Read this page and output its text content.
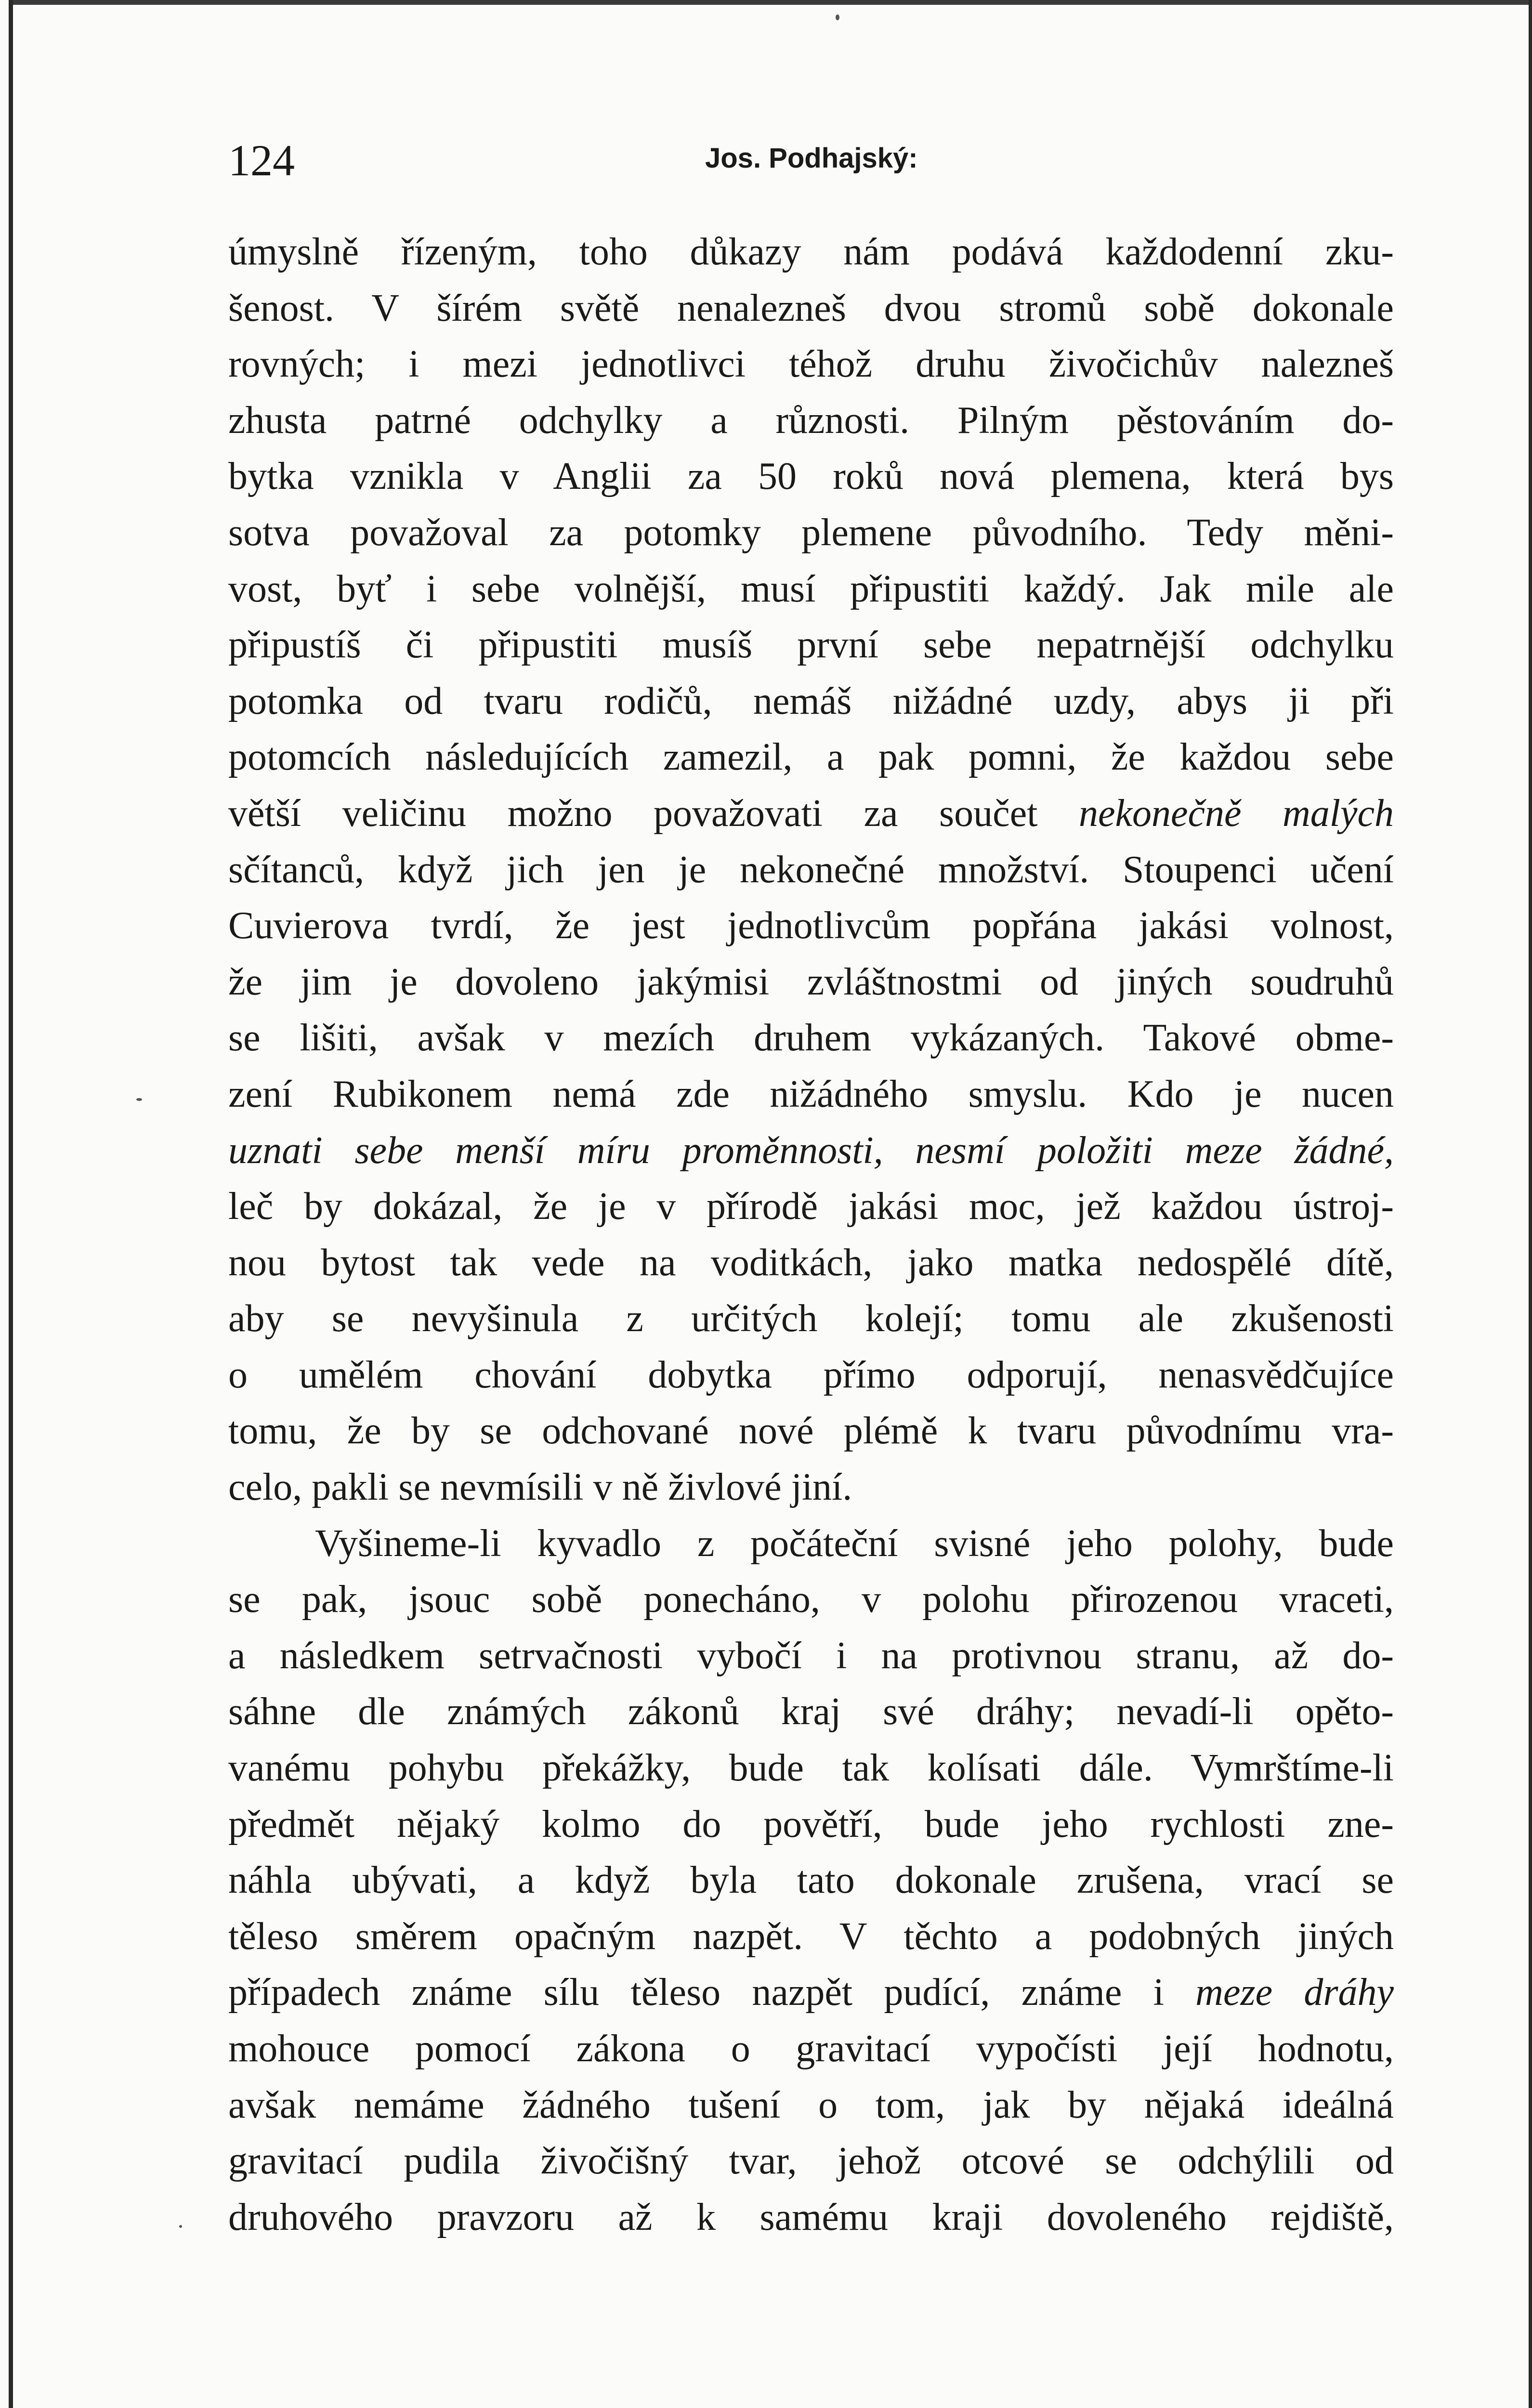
124	Jos. Podhajský:
úmyslně řízeným, toho důkazy nám podává každodenní zku-
šenost. V šírém světě nenalezneš dvou stromů sobě dokonale
rovných; i mezi jednotlivci téhož druhu živočichův nalezneš
zhusta patrné odchylky a různosti. Pilným pěstováním do-
bytka vznikla v Anglii za 50 roků nová plemena, která bys
sotva považoval za potomky plemene původního. Tedy měni-
vost, byť i sebe volnější, musí připustiti každý. Jak mile ale
připustíš či připustiti musíš první sebe nepatrnější odchylku
potomka od tvaru rodičů, nemáš nižádné uzdy, abys ji při
potomcích následujících zamezil, a pak pomni, že každou sebe
větší veličinu možno považovati za součet nekonečně malých
sčítanců, když jich jen je nekonečné množství. Stoupenci učení
Cuvierova tvrdí, že jest jednotlivcům popřána jakási volnost,
že jim je dovoleno jakýmisi zvláštnostmi od jiných soudruhů
se lišiti, avšak v mezích druhem vykázaných. Takové obme-
zení Rubikonem nemá zde nižádného smyslu. Kdo je nucen
uznati sebe menší míru proměnnosti, nesmí položiti meze žádné,
leč by dokázal, že je v přírodě jakási moc, jež každou ústroj-
nou bytost tak vede na voditkách, jako matka nedospělé dítě,
aby se nevyšinula z určitých kolejí; tomu ale zkušenosti
o umělém chování dobytka přímo odporují, nenasvědčujíce
tomu, že by se odchované nové plémě k tvaru původnímu vra-
celo, pakli se nevmísili v ně živlové jiní.
Vyšineme-li kyvadlo z počáteční svisné jeho polohy, bude
se pak, jsouc sobě ponecháno, v polohu přirozenou vraceti,
a následkem setrvačnosti vybočí i na protivnou stranu, až do-
sáhne dle známých zákonů kraj své dráhy; nevadí-li opěto-
vanému pohybu překážky, bude tak kolísati dále. Vymrštíme-li
předmět nějaký kolmo do povětří, bude jeho rychlosti zne-
náhla ubývati, a když byla tato dokonale zrušena, vrací se
těleso směrem opačným nazpět. V těchto a podobných jiných
případech známe sílu těleso nazpět pudící, známe i meze dráhy
mohouce pomocí zákona o gravitací vypočísti její hodnotu,
avšak nemáme žádného tušení o tom, jak by nějaká ideálná
gravitací pudila živočišný tvar, jehož otcové se odchýlili od
druhového pravzoru až k samému kraji dovoleného rejdiště,
